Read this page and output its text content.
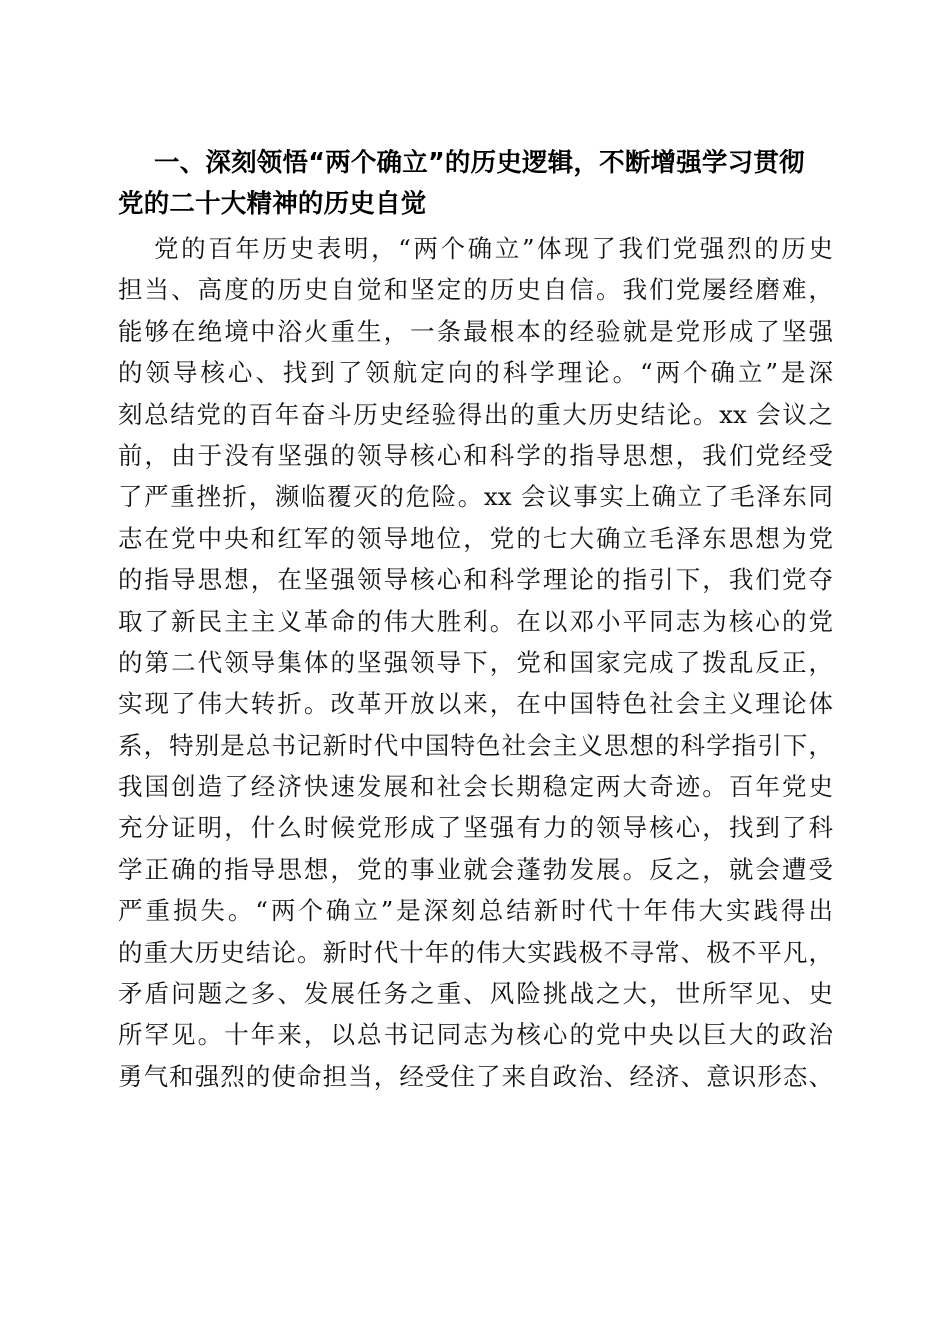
一、深刻领悟“两个确立”的历史逻辑，不断增强学习贯彻
党的二十大精神的历史自觉
党的百年历史表明，“两个确立”体现了我们党强烈的历史
担当、高度的历史自觉和坚定的历史自信。我们党屡经磨难，
能够在绝境中浴火重生，一条最根本的经验就是党形成了坚强
的领导核心、找到了领航定向的科学理论。“两个确立”是深
刻总结党的百年奋斗历史经验得出的重大历史结论。xx 会议之
前，由于没有坚强的领导核心和科学的指导思想，我们党经受
了严重挫折，濒临覆灭的危险。xx 会议事实上确立了毛泽东同
志在党中央和红军的领导地位，党的七大确立毛泽东思想为党
的指导思想，在坚强领导核心和科学理论的指引下，我们党夺
取了新民主主义革命的伟大胜利。在以邓小平同志为核心的党
的第二代领导集体的坚强领导下，党和国家完成了拨乱反正，
实现了伟大转折。改革开放以来，在中国特色社会主义理论体
系，特别是总书记新时代中国特色社会主义思想的科学指引下，
我国创造了经济快速发展和社会长期稳定两大奇迹。百年党史
充分证明，什么时候党形成了坚强有力的领导核心，找到了科
学正确的指导思想，党的事业就会蓬勃发展。反之，就会遭受
严重损失。“两个确立”是深刻总结新时代十年伟大实践得出
的重大历史结论。新时代十年的伟大实践极不寻常、极不平凡，
矛盾问题之多、发展任务之重、风险挑战之大，世所罕见、史
所罕见。十年来，以总书记同志为核心的党中央以巨大的政治
勇气和强烈的使命担当，经受住了来自政治、经济、意识形态、
